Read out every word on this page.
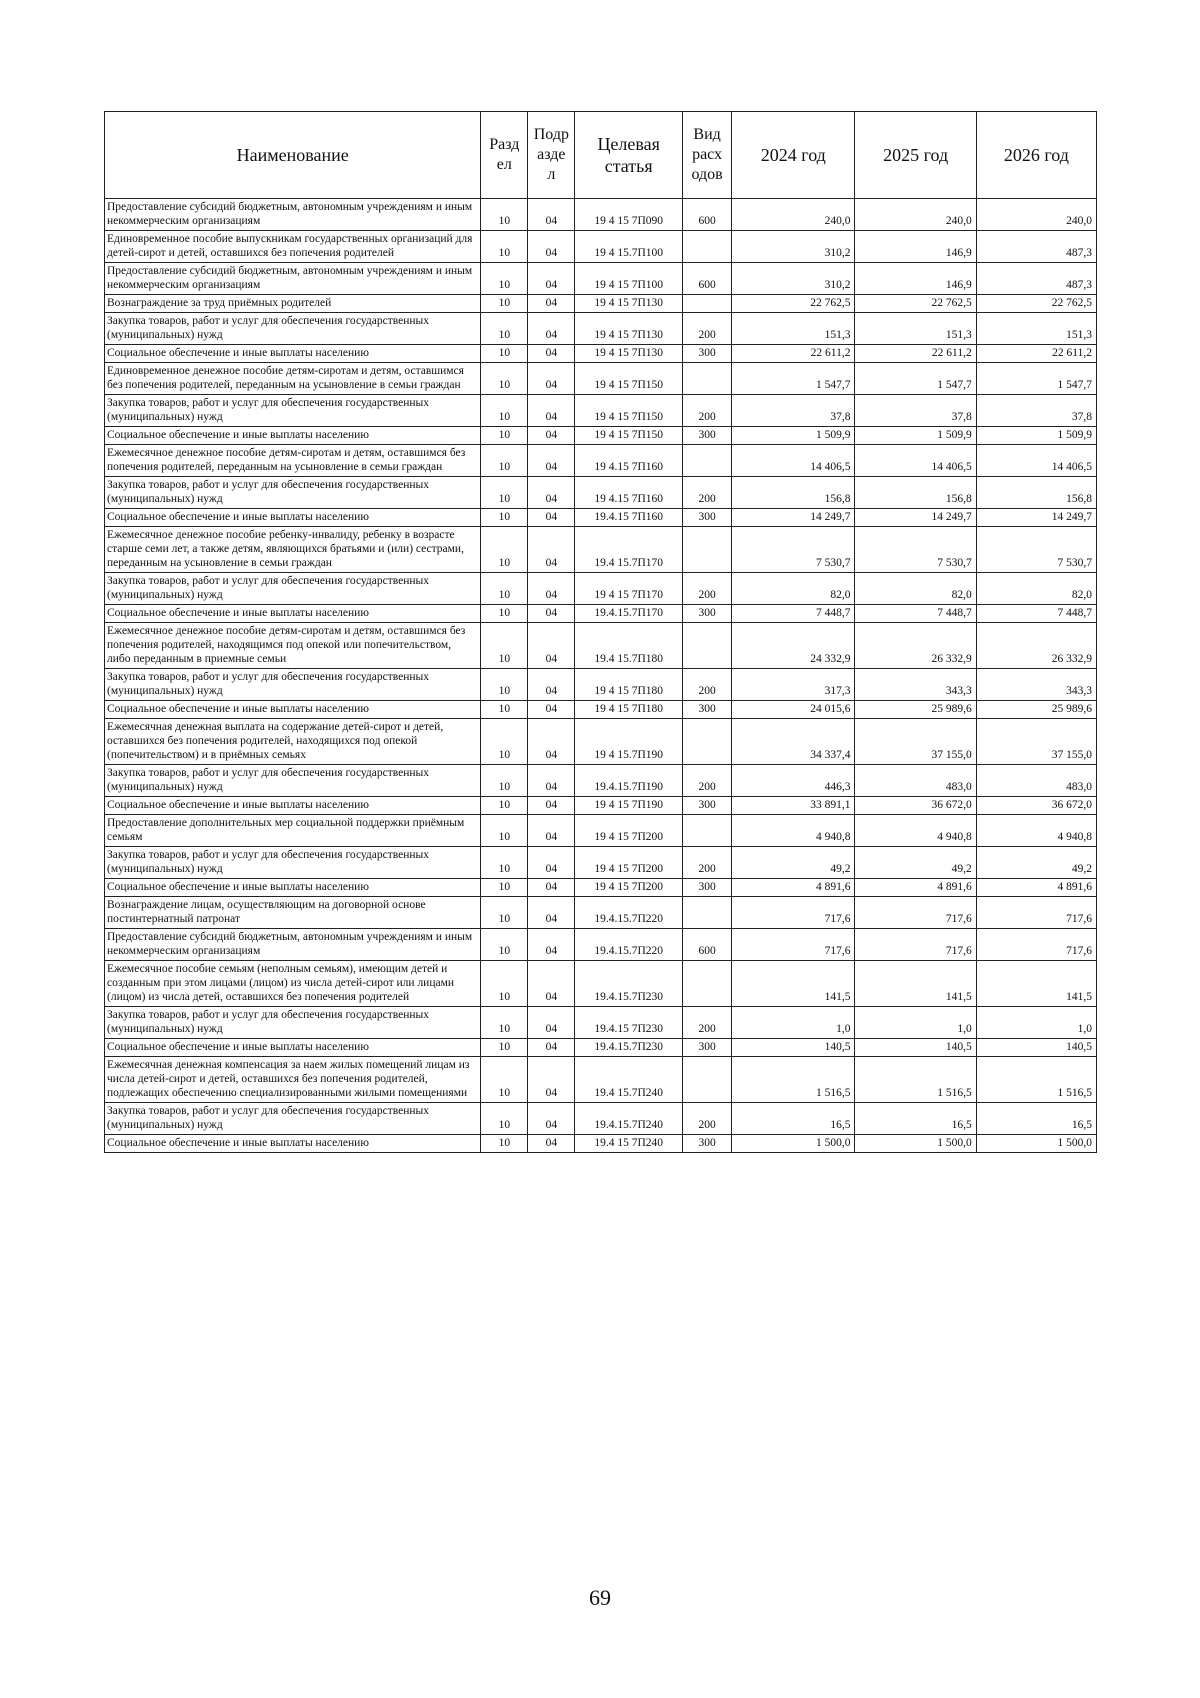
Наименование	Разд ел	Подр азде л	Целевая статья	Вид расх одов	2024 год	2025 год	2026 год
Предоставление субсидий бюджетным, автономным учреждениям и иным некоммерческим организациям	10	04	19 4 15 7П090	600	240,0	240,0	240,0
Единовременное пособие выпускникам государственных организаций для детей-сирот и детей, оставшихся без попечения родителей	10	04	19 4 15.7П100		310,2	146,9	487,3
Предоставление субсидий бюджетным, автономным учреждениям и иным некоммерческим организациям	10	04	19 4 15 7П100	600	310,2	146,9	487,3
Вознаграждение за труд приёмных родителей	10	04	19 4 15 7П130		22 762,5	22 762,5	22 762,5
Закупка товаров, работ и услуг для обеспечения государственных (муниципальных) нужд	10	04	19 4 15 7П130	200	151,3	151,3	151,3
Социальное обеспечение и иные выплаты населению	10	04	19 4 15 7П130	300	22 611,2	22 611,2	22 611,2
Единовременное денежное пособие детям-сиротам и детям, оставшимся без попечения родителей, переданным на усыновление в семьи граждан	10	04	19 4 15 7П150		1 547,7	1 547,7	1 547,7
Закупка товаров, работ и услуг для обеспечения государственных (муниципальных) нужд	10	04	19 4 15 7П150	200	37,8	37,8	37,8
Социальное обеспечение и иные выплаты населению	10	04	19 4 15 7П150	300	1 509,9	1 509,9	1 509,9
Ежемесячное денежное пособие детям-сиротам и детям, оставшимся без попечения родителей, переданным на усыновление в семьи граждан	10	04	19 4.15 7П160		14 406,5	14 406,5	14 406,5
Закупка товаров, работ и услуг для обеспечения государственных (муниципальных) нужд	10	04	19 4.15 7П160	200	156,8	156,8	156,8
Социальное обеспечение и иные выплаты населению	10	04	19.4.15 7П160	300	14 249,7	14 249,7	14 249,7
Ежемесячное денежное пособие ребенку-инвалиду, ребенку в возрасте старше семи лет, а также детям, являющихся братьями и (или) сестрами, переданным на усыновление в семьи граждан	10	04	19.4 15.7П170		7 530,7	7 530,7	7 530,7
Закупка товаров, работ и услуг для обеспечения государственных (муниципальных) нужд	10	04	19 4 15 7П170	200	82,0	82,0	82,0
Социальное обеспечение и иные выплаты населению	10	04	19.4.15.7П170	300	7 448,7	7 448,7	7 448,7
Ежемесячное денежное пособие детям-сиротам и детям, оставшимся без попечения родителей, находящимся под опекой или попечительством, либо переданным в приемные семьи	10	04	19.4 15.7П180		24 332,9	26 332,9	26 332,9
Закупка товаров, работ и услуг для обеспечения государственных (муниципальных) нужд	10	04	19 4 15 7П180	200	317,3	343,3	343,3
Социальное обеспечение и иные выплаты населению	10	04	19 4 15 7П180	300	24 015,6	25 989,6	25 989,6
Ежемесячная денежная выплата на содержание детей-сирот и детей, оставшихся без попечения родителей, находящихся под опекой (попечительством) и в приёмных семьях	10	04	19 4 15.7П190		34 337,4	37 155,0	37 155,0
Закупка товаров, работ и услуг для обеспечения государственных (муниципальных) нужд	10	04	19.4.15.7П190	200	446,3	483,0	483,0
Социальное обеспечение и иные выплаты населению	10	04	19 4 15 7П190	300	33 891,1	36 672,0	36 672,0
Предоставление дополнительных мер социальной поддержки приёмным семьям	10	04	19 4 15 7П200		4 940,8	4 940,8	4 940,8
Закупка товаров, работ и услуг для обеспечения государственных (муниципальных) нужд	10	04	19 4 15 7П200	200	49,2	49,2	49,2
Социальное обеспечение и иные выплаты населению	10	04	19 4 15 7П200	300	4 891,6	4 891,6	4 891,6
Вознаграждение лицам, осуществляющим на договорной основе постинтернатный патронат	10	04	19.4.15.7П220		717,6	717,6	717,6
Предоставление субсидий бюджетным, автономным учреждениям и иным некоммерческим организациям	10	04	19.4.15.7П220	600	717,6	717,6	717,6
Ежемесячное пособие семьям (неполным семьям), имеющим детей и созданным при этом лицами (лицом) из числа детей-сирот или лицами (лицом) из числа детей, оставшихся без попечения родителей	10	04	19.4.15.7П230		141,5	141,5	141,5
Закупка товаров, работ и услуг для обеспечения государственных (муниципальных) нужд	10	04	19.4.15 7П230	200	1,0	1,0	1,0
Социальное обеспечение и иные выплаты населению	10	04	19.4.15.7П230	300	140,5	140,5	140,5
Ежемесячная денежная компенсация за наем жилых помещений лицам из числа детей-сирот и детей, оставшихся без попечения родителей, подлежащих обеспечению специализированными жилыми помещениями	10	04	19.4 15.7П240		1 516,5	1 516,5	1 516,5
Закупка товаров, работ и услуг для обеспечения государственных (муниципальных) нужд	10	04	19.4.15.7П240	200	16,5	16,5	16,5
Социальное обеспечение и иные выплаты населению	10	04	19.4 15 7П240	300	1 500,0	1 500,0	1 500,0
69
